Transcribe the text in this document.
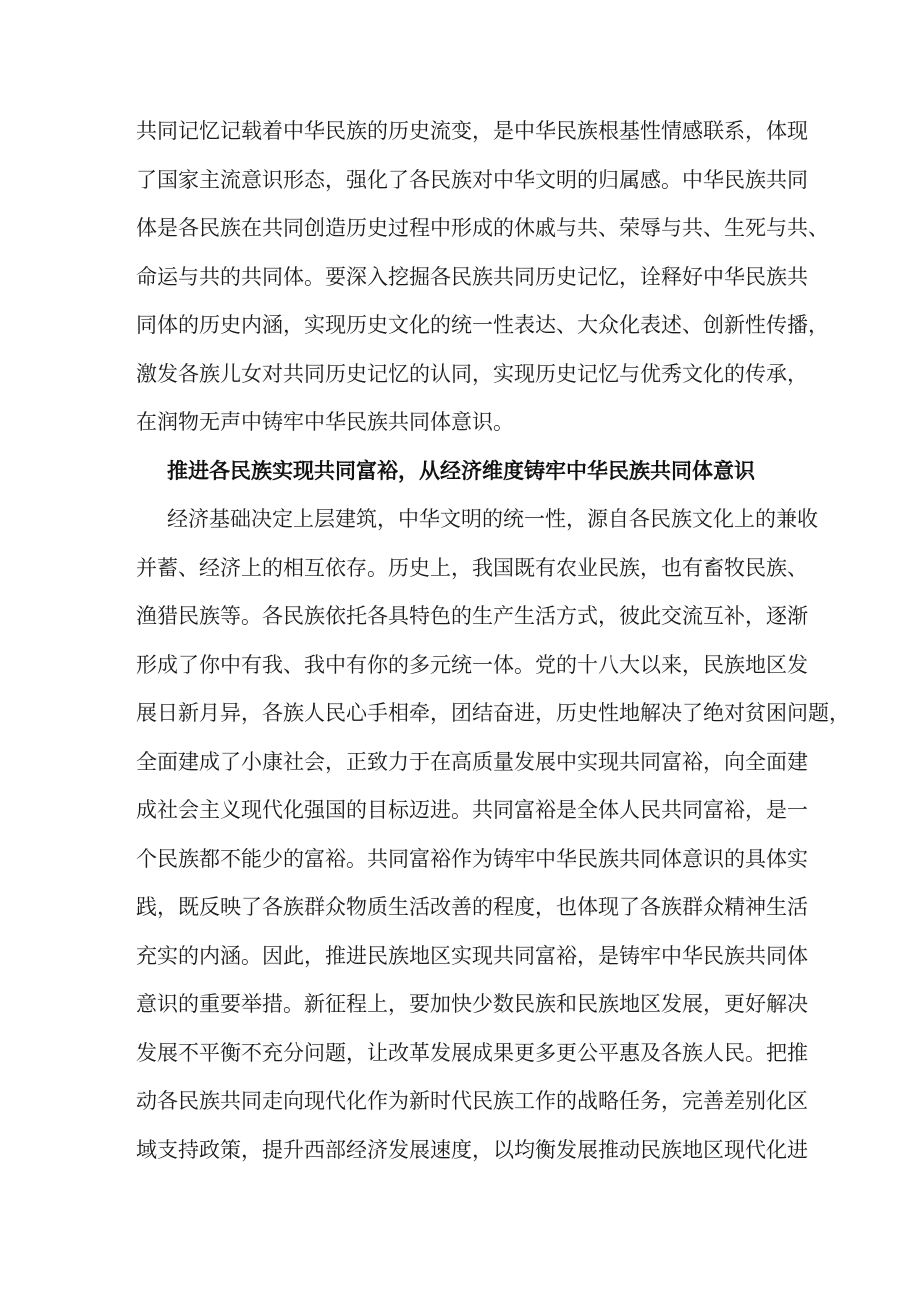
共同记忆记载着中华民族的历史流变，是中华民族根基性情感联系，体现

了国家主流意识形态，强化了各民族对中华文明的归属感。中华民族共同

体是各民族在共同创造历史过程中形成的休戚与共、荣辱与共、生死与共、

命运与共的共同体。要深入挖掘各民族共同历史记忆，诠释好中华民族共

同体的历史内涵，实现历史文化的统一性表达、大众化表述、创新性传播，

激发各族儿女对共同历史记忆的认同，实现历史记忆与优秀文化的传承，

在润物无声中铸牢中华民族共同体意识。

推进各民族实现共同富裕，从经济维度铸牢中华民族共同体意识

经济基础决定上层建筑，中华文明的统一性，源自各民族文化上的兼收

并蓄、经济上的相互依存。历史上，我国既有农业民族，也有畜牧民族、

渔猎民族等。各民族依托各具特色的生产生活方式，彼此交流互补，逐渐

形成了你中有我、我中有你的多元统一体。党的十八大以来，民族地区发

展日新月异，各族人民心手相牵，团结奋进，历史性地解决了绝对贫困问题，

全面建成了小康社会，正致力于在高质量发展中实现共同富裕，向全面建

成社会主义现代化强国的目标迈进。共同富裕是全体人民共同富裕，是一

个民族都不能少的富裕。共同富裕作为铸牢中华民族共同体意识的具体实

践，既反映了各族群众物质生活改善的程度，也体现了各族群众精神生活

充实的内涵。因此，推进民族地区实现共同富裕，是铸牢中华民族共同体

意识的重要举措。新征程上，要加快少数民族和民族地区发展，更好解决

发展不平衡不充分问题，让改革发展成果更多更公平惠及各族人民。把推

动各民族共同走向现代化作为新时代民族工作的战略任务，完善差别化区

域支持政策，提升西部经济发展速度，以均衡发展推动民族地区现代化进
